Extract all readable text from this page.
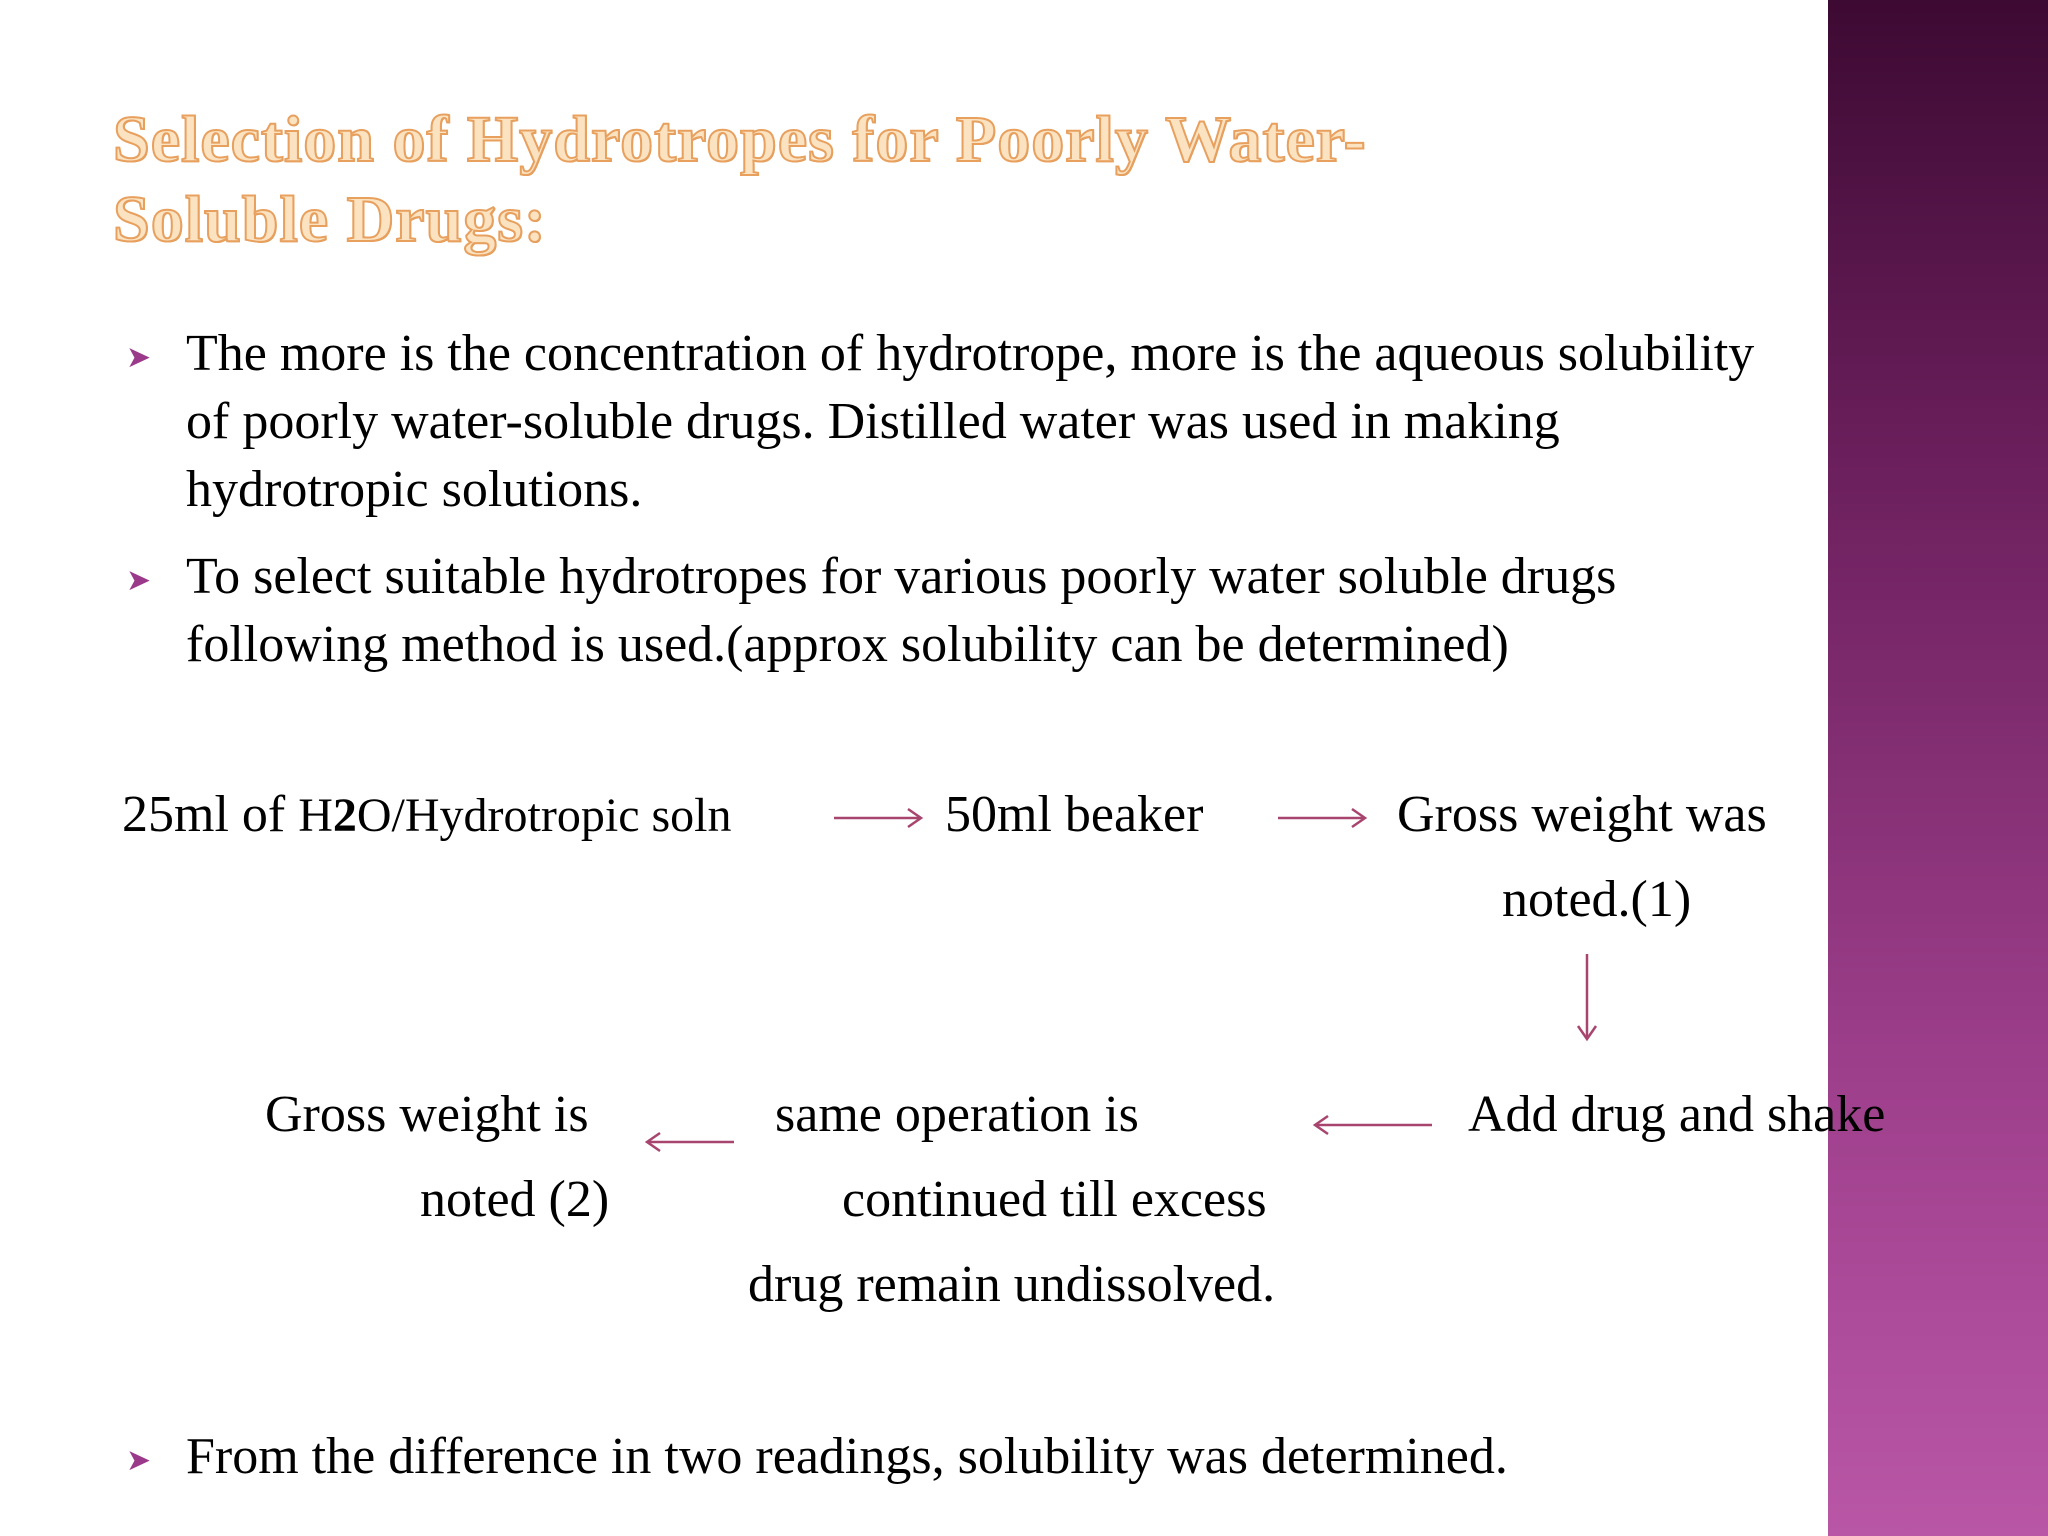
Selection of Hydrotropes for Poorly Water-
Soluble Drugs:
➤ The more is the concentration of hydrotrope, more is the aqueous solubility
of poorly water-soluble drugs. Distilled water was used in making
hydrotropic solutions.
➤ To select suitable hydrotropes for various poorly water soluble drugs
following method is used.(approx solubility can be determined)
25ml of H2O/Hydrotropic soln	50ml beaker	Gross weight was
noted.(1)
Add drug and shake
same operation is
continued till excess
drug remain undissolved.
Gross weight is
noted (2)
➤ From the difference in two readings, solubility was determined.
